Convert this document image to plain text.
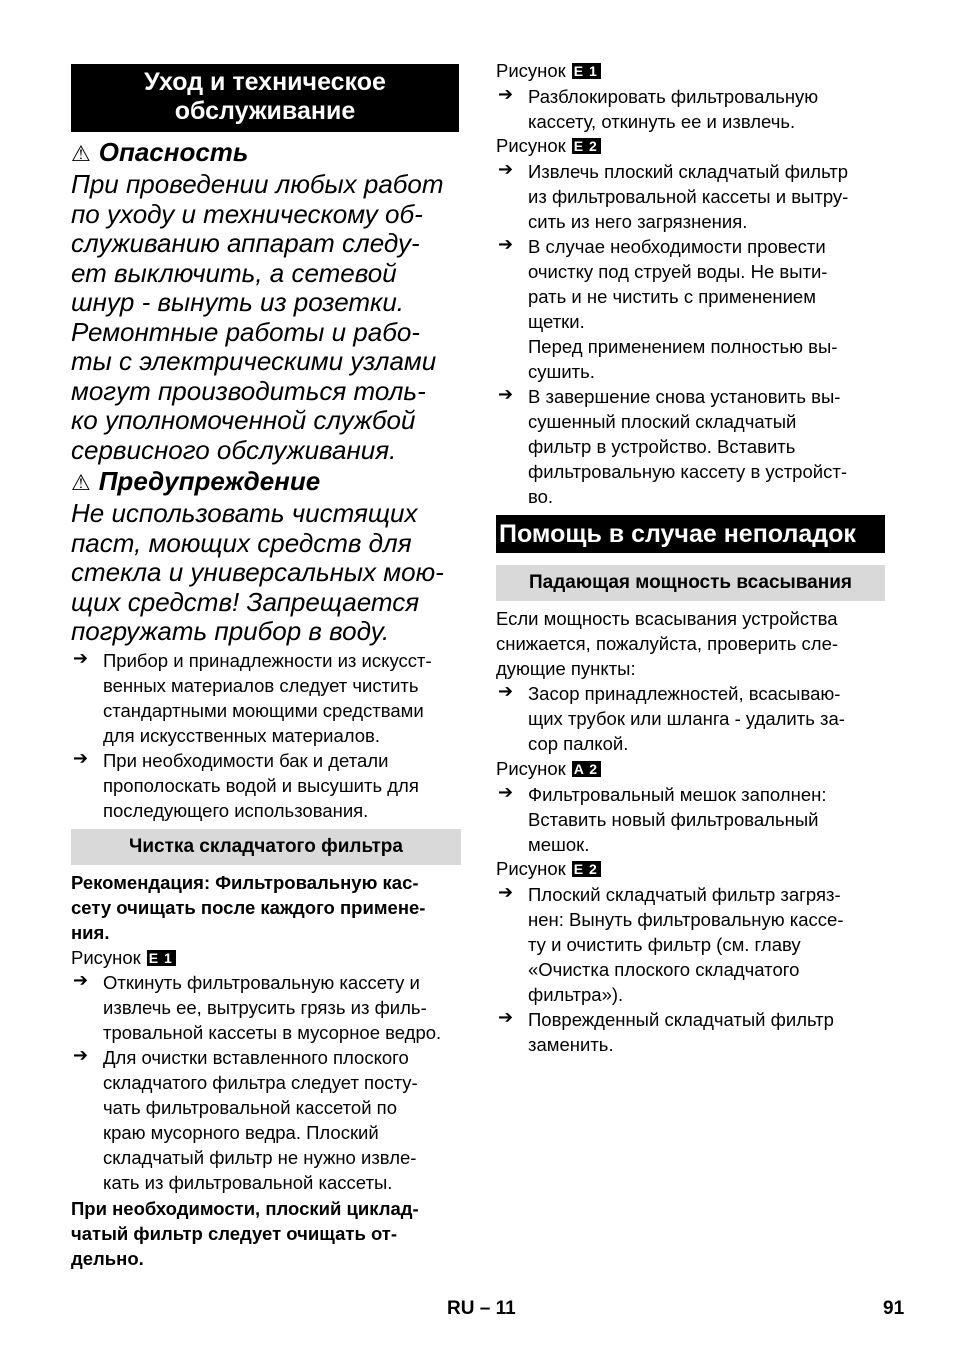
Уход и техническое
обслуживание
⚠ Опасность
При проведении любых работ
по уходу и техническому об-
служиванию аппарат следу-
ет выключить, а сетевой
шнур - вынуть из розетки.
Ремонтные работы и рабо-
ты с электрическими узлами
могут производиться толь-
ко уполномоченной службой
сервисного обслуживания.
⚠ Предупреждение
Не использовать чистящих
паст, моющих средств для
стекла и универсальных мою-
щих средств! Запрещается
погружать прибор в воду.
➔ Прибор и принадлежности из искусст-
венных материалов следует чистить
стандартными моющими средствами
для искусственных материалов.
➔ При необходимости бак и детали
прополоскать водой и высушить для
последующего использования.
Чистка складчатого фильтра
Рекомендация: Фильтровальную кас-
сету очищать после каждого примене-
ния.
Рисунок E 1
➔ Откинуть фильтровальную кассету и
извлечь ее, вытрусить грязь из филь-
тровальной кассеты в мусорное ведро.
➔ Для очистки вставленного плоского
складчатого фильтра следует посту-
чать фильтровальной кассетой по
краю мусорного ведра. Плоский
складчатый фильтр не нужно извле-
кать из фильтровальной кассеты.
При необходимости, плоский циклад-
чатый фильтр следует очищать от-
дельно.
Рисунок E 1
➔ Разблокировать фильтровальную
кассету, откинуть ее и извлечь.
Рисунок E 2
➔ Извлечь плоский складчатый фильтр
из фильтровальной кассеты и вытру-
сить из него загрязнения.
➔ В случае необходимости провести
очистку под струей воды. Не выти-
рать и не чистить с применением
щетки.
Перед применением полностью вы-
сушить.
➔ В завершение снова установить вы-
сушенный плоский складчатый
фильтр в устройство. Вставить
фильтровальную кассету в устройст-
во.
Помощь в случае неполадок
Падающая мощность всасывания
Если мощность всасывания устройства
снижается, пожалуйста, проверить сле-
дующие пункты:
➔ Засор принадлежностей, всасываю-
щих трубок или шланга - удалить за-
сор палкой.
Рисунок A 2
➔ Фильтровальный мешок заполнен:
Вставить новый фильтровальный
мешок.
Рисунок E 2
➔ Плоский складчатый фильтр загряз-
нен: Вынуть фильтровальную кассе-
ту и очистить фильтр (см. главу
«Очистка плоского складчатого
фильтра»).
➔ Поврежденный складчатый фильтр
заменить.
RU – 11	91
